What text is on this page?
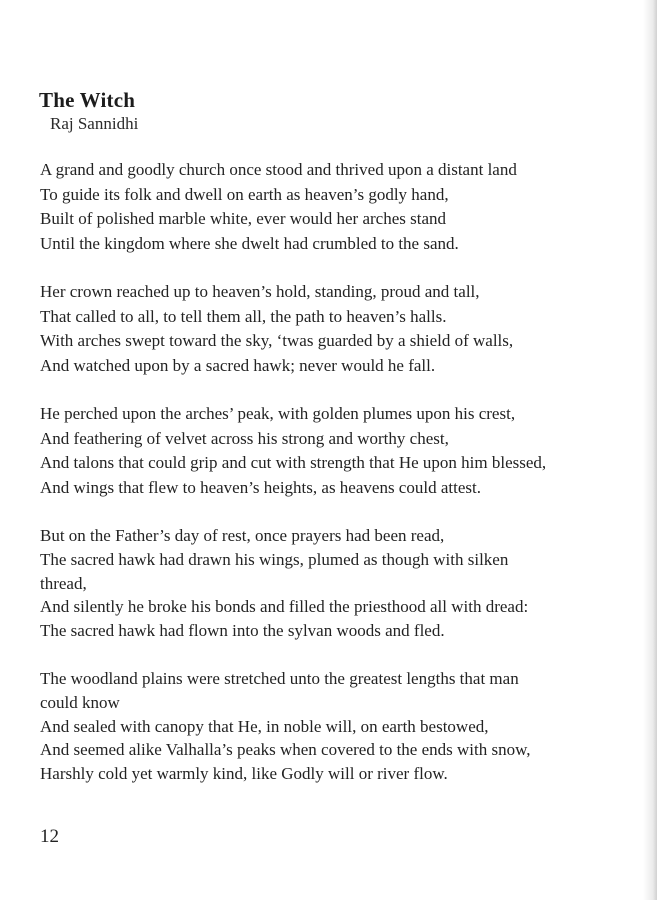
The Witch

Raj Sannidhi

A grand and goodly church once stood and thrived upon a distant land
To guide its folk and dwell on earth as heaven’s godly hand,
Built of polished marble white, ever would her arches stand
Until the kingdom where she dwelt had crumbled to the sand.
Her crown reached up to heaven’s hold, standing, proud and tall,
That called to all, to tell them all, the path to heaven’s halls.
With arches swept toward the sky, ‘twas guarded by a shield of walls,
And watched upon by a sacred hawk; never would he fall.
He perched upon the arches’ peak, with golden plumes upon his crest,
And feathering of velvet across his strong and worthy chest,
And talons that could grip and cut with strength that He upon him blessed,
And wings that flew to heaven’s heights, as heavens could attest.
But on the Father’s day of rest, once prayers had been read,
The sacred hawk had drawn his wings, plumed as though with silken
thread,
And silently he broke his bonds and filled the priesthood all with dread:
The sacred hawk had flown into the sylvan woods and fled.
The woodland plains were stretched unto the greatest lengths that man
could know
And sealed with canopy that He, in noble will, on earth bestowed,
And seemed alike Valhalla’s peaks when covered to the ends with snow,
Harshly cold yet warmly kind, like Godly will or river flow.
12
